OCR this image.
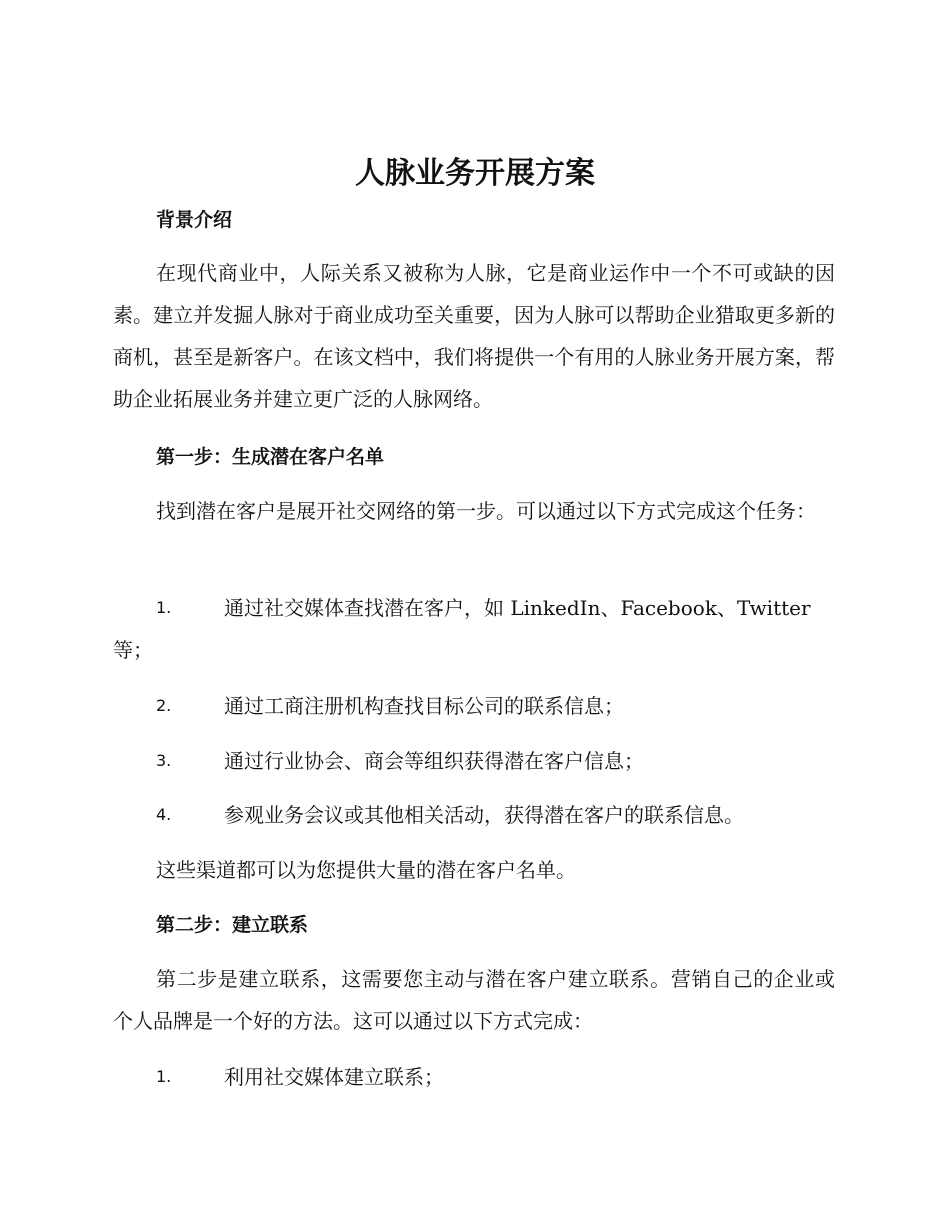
人脉业务开展方案
背景介绍

在现代商业中，人际关系又被称为人脉，它是商业运作中一个不可或缺的因素。建立并发掘人脉对于商业成功至关重要，因为人脉可以帮助企业猎取更多新的商机，甚至是新客户。在该文档中，我们将提供一个有用的人脉业务开展方案，帮助企业拓展业务并建立更广泛的人脉网络。

第一步：生成潜在客户名单

找到潜在客户是展开社交网络的第一步。可以通过以下方式完成这个任务：

1.	通过社交媒体查找潜在客户，如 LinkedIn、Facebook、Twitter 等；
2.	通过工商注册机构查找目标公司的联系信息；
3.	通过行业协会、商会等组织获得潜在客户信息；
4.	参观业务会议或其他相关活动，获得潜在客户的联系信息。

这些渠道都可以为您提供大量的潜在客户名单。

第二步：建立联系

第二步是建立联系，这需要您主动与潜在客户建立联系。营销自己的企业或个人品牌是一个好的方法。这可以通过以下方式完成：

1.	利用社交媒体建立联系；
